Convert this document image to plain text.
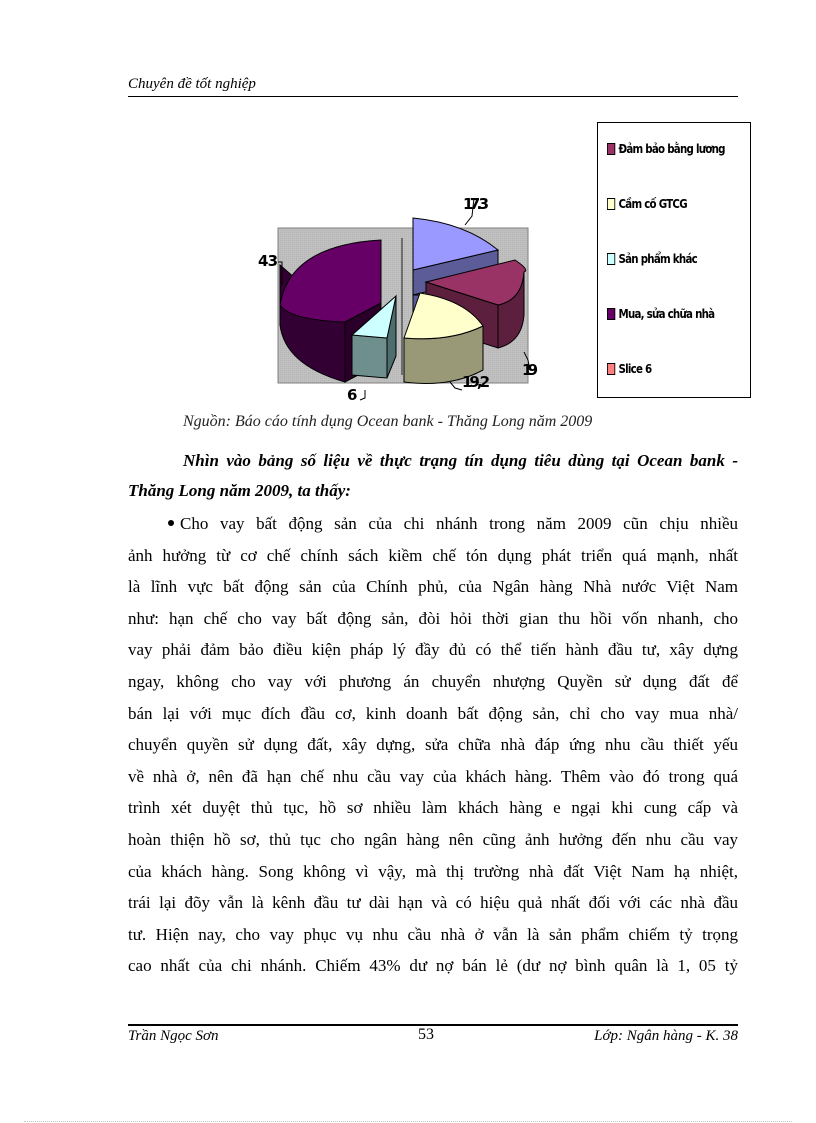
Chuyên đề tốt nghiệp
43
17.3
19
19,2
6
Đảm bảo bằng lương
Cầm cố GTCG
Sản phẩm khác
Mua, sửa chữa nhà
Slice 6
Nguồn: Báo cáo tính dụng Ocean bank - Thăng Long năm 2009
Nhìn vào bảng số liệu về thực trạng tín dụng tiêu dùng tại Ocean bank - Thăng Long năm 2009, ta thấy:
Cho vay bất động sản của chi nhánh trong năm 2009 cũn chịu nhiều
ảnh hưởng từ cơ chế chính sách kiềm chế tón dụng phát triển quá mạnh, nhất
là lĩnh vực bất động sản của Chính phủ, của Ngân hàng Nhà nước Việt Nam
như: hạn chế cho vay bất động sản, đòi hỏi thời gian thu hồi vốn nhanh, cho
vay phải đảm bảo điều kiện pháp lý đầy đủ có thể tiến hành đầu tư, xây dựng
ngay, không cho vay với phương án chuyển nhượng Quyền sử dụng đất để
bán lại với mục đích đầu cơ, kinh doanh bất động sản, chỉ cho vay mua nhà/
chuyển quyền sử dụng đất, xây dựng, sửa chữa nhà đáp ứng nhu cầu thiết yếu
về nhà ở, nên đã hạn chế nhu cầu vay của khách hàng. Thêm vào đó trong quá
trình xét duyệt thủ tục, hồ sơ nhiều làm khách hàng e ngại khi cung cấp và
hoàn thiện hồ sơ, thủ tục cho ngân hàng nên cũng ảnh hưởng đến nhu cầu vay
của khách hàng. Song không vì vậy, mà thị trường nhà đất Việt Nam hạ nhiệt,
trái lại đõy vẫn là kênh đầu tư dài hạn và có hiệu quả nhất đối với các nhà đầu
tư. Hiện nay, cho vay phục vụ nhu cầu nhà ở vẫn là sản phẩm chiếm tỷ trọng
cao nhất của chi nhánh. Chiếm 43% dư nợ bán lẻ (dư nợ bình quân là 1, 05 tỷ
Trần Ngọc Sơn	53	Lớp: Ngân hàng - K. 38
